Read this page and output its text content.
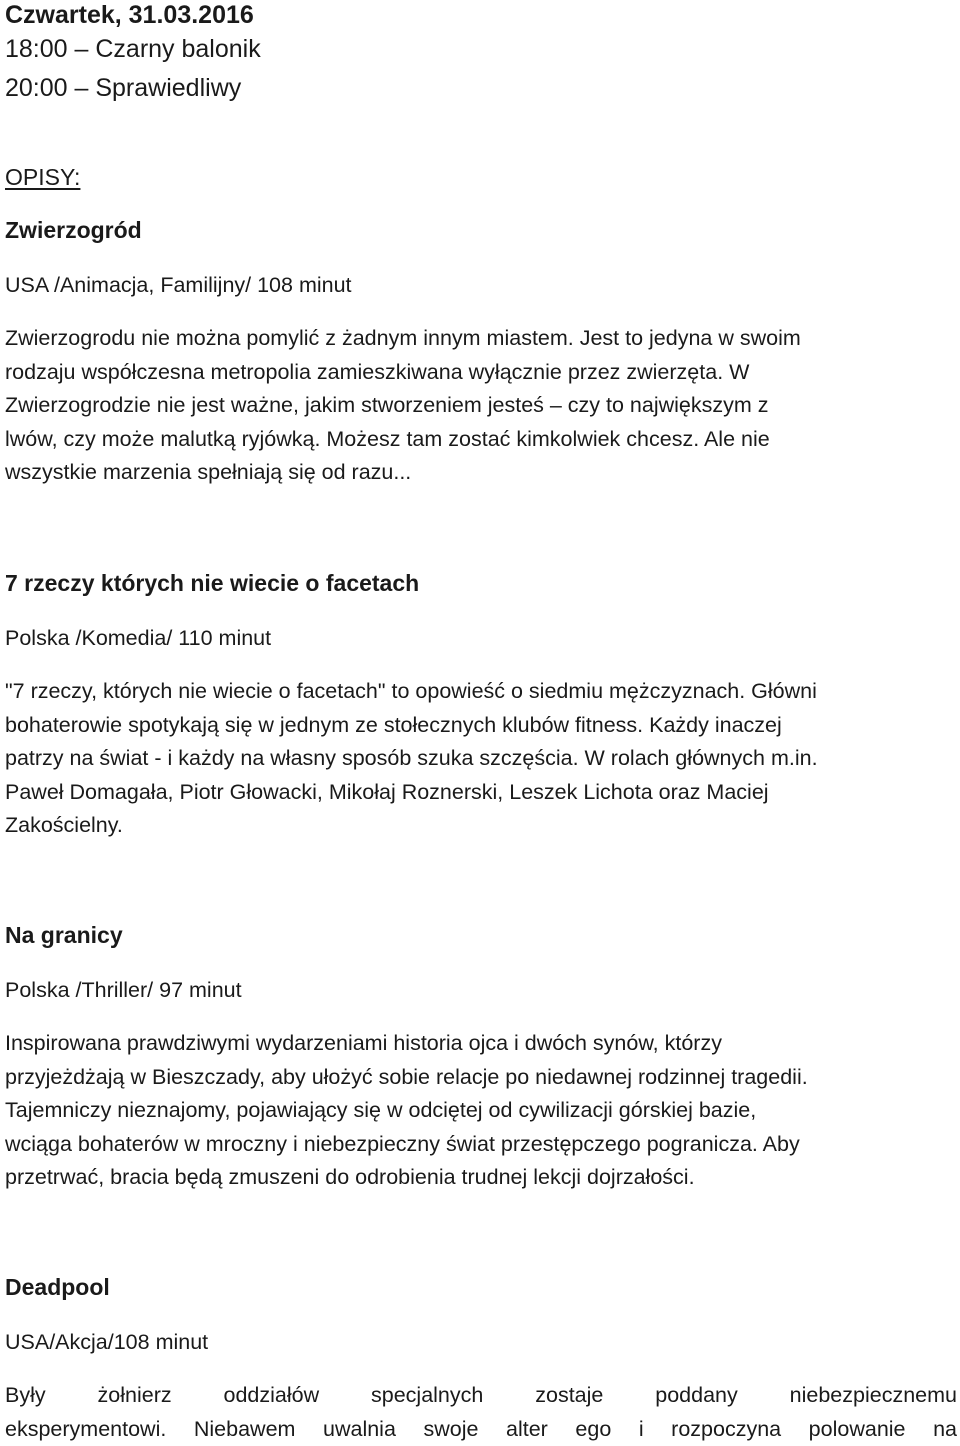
Czwartek, 31.03.2016

18:00 – Czarny balonik

20:00 – Sprawiedliwy

OPISY:

Zwierzogród

USA /Animacja, Familijny/ 108 minut

Zwierzogrodu nie można pomylić z żadnym innym miastem. Jest to jedyna w swoim
rodzaju współczesna metropolia zamieszkiwana wyłącznie przez zwierzęta. W
Zwierzogrodzie nie jest ważne, jakim stworzeniem jesteś – czy to największym z
lwów, czy może malutką ryjówką. Możesz tam zostać kimkolwiek chcesz. Ale nie
wszystkie marzenia spełniają się od razu...

7 rzeczy których nie wiecie o facetach

Polska /Komedia/ 110 minut

"7 rzeczy, których nie wiecie o facetach" to opowieść o siedmiu mężczyznach. Główni
bohaterowie spotykają się w jednym ze stołecznych klubów fitness. Każdy inaczej
patrzy na świat - i każdy na własny sposób szuka szczęścia. W rolach głównych m.in.
Paweł Domagała, Piotr Głowacki, Mikołaj Roznerski, Leszek Lichota oraz Maciej
Zakościelny.

Na granicy

Polska /Thriller/ 97 minut

Inspirowana prawdziwymi wydarzeniami historia ojca i dwóch synów, którzy
przyjeżdżają w Bieszczady, aby ułożyć sobie relacje po niedawnej rodzinnej tragedii.
Tajemniczy nieznajomy, pojawiający się w odciętej od cywilizacji górskiej bazie,
wciąga bohaterów w mroczny i niebezpieczny świat przestępczego pogranicza. Aby
przetrwać, bracia będą zmuszeni do odrobienia trudnej lekcji dojrzałości.

Deadpool

USA/Akcja/108 minut

Były żołnierz oddziałów specjalnych zostaje poddany niebezpiecznemu
eksperymentowi. Niebawem uwalnia swoje alter ego i rozpoczyna polowanie na
